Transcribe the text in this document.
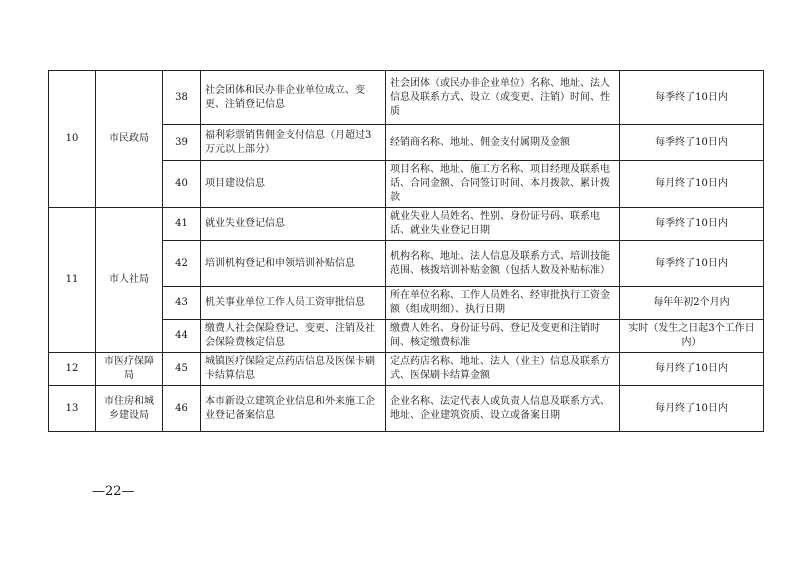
10	市民政局	38	社会团体和民办非企业单位成立、变更、注销登记信息	社会团体（或民办非企业单位）名称、地址、法人信息及联系方式、设立（或变更、注销）时间、性质	每季终了10日内
		39	福利彩票销售佣金支付信息（月超过3万元以上部分）	经销商名称、地址、佣金支付属期及金额	每季终了10日内
		40	项目建设信息	项目名称、地址、施工方名称、项目经理及联系电话、合同金额、合同签订时间、本月拨款、累计拨款	每月终了10日内
11	市人社局	41	就业失业登记信息	就业失业人员姓名、性别、身份证号码、联系电话、就业失业登记日期	每季终了10日内
		42	培训机构登记和申领培训补贴信息	机构名称、地址、法人信息及联系方式、培训技能范围、核拨培训补贴金额（包括人数及补贴标准）	每季终了10日内
		43	机关事业单位工作人员工资审批信息	所在单位名称、工作人员姓名、经审批执行工资金额（组成明细）、执行日期	每年年初2个月内
		44	缴费人社会保险登记、变更、注销及社会保险费核定信息	缴费人姓名、身份证号码、登记及变更和注销时间、核定缴费标准	实时（发生之日起3个工作日内）
12	市医疗保障局	45	城镇医疗保险定点药店信息及医保卡刷卡结算信息	定点药店名称、地址、法人（业主）信息及联系方式、医保刷卡结算金额	每月终了10日内
13	市住房和城乡建设局	46	本市新设立建筑企业信息和外来施工企业登记备案信息	企业名称、法定代表人或负责人信息及联系方式、地址、企业建筑资质、设立或备案日期	每月终了10日内
—22—
